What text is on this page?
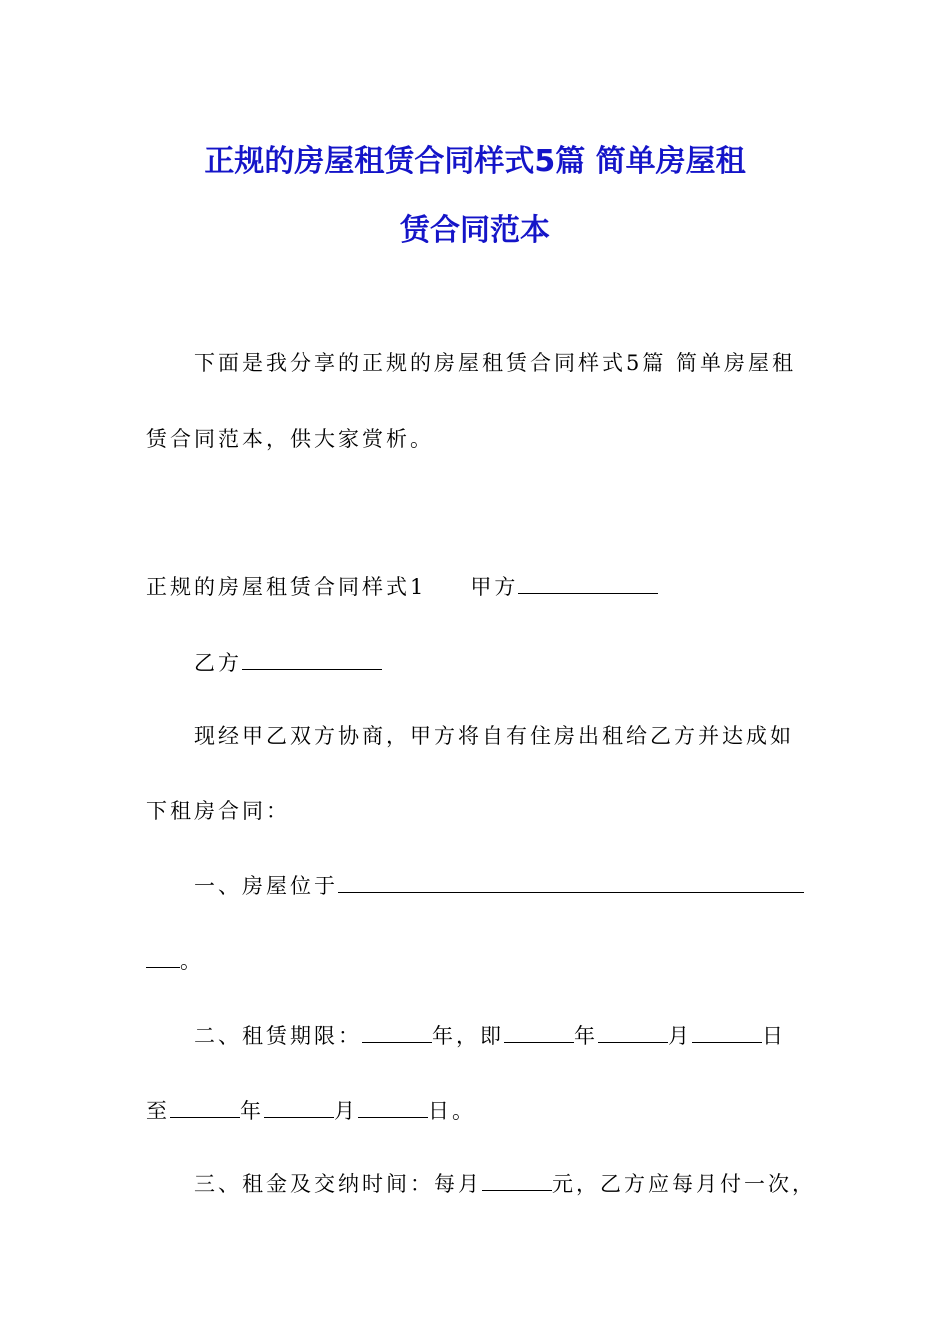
正规的房屋租赁合同样式5篇 简单房屋租
赁合同范本
下面是我分享的正规的房屋租赁合同样式5篇 简单房屋租
赁合同范本，供大家赏析。
正规的房屋租赁合同样式1 甲方
乙方
现经甲乙双方协商，甲方将自有住房出租给乙方并达成如
下租房合同：
一、房屋位于
。
二、租赁期限：	年，即	年	月	日
至	年	月	日。
三、租金及交纳时间：每月	元，乙方应每月付一次，
